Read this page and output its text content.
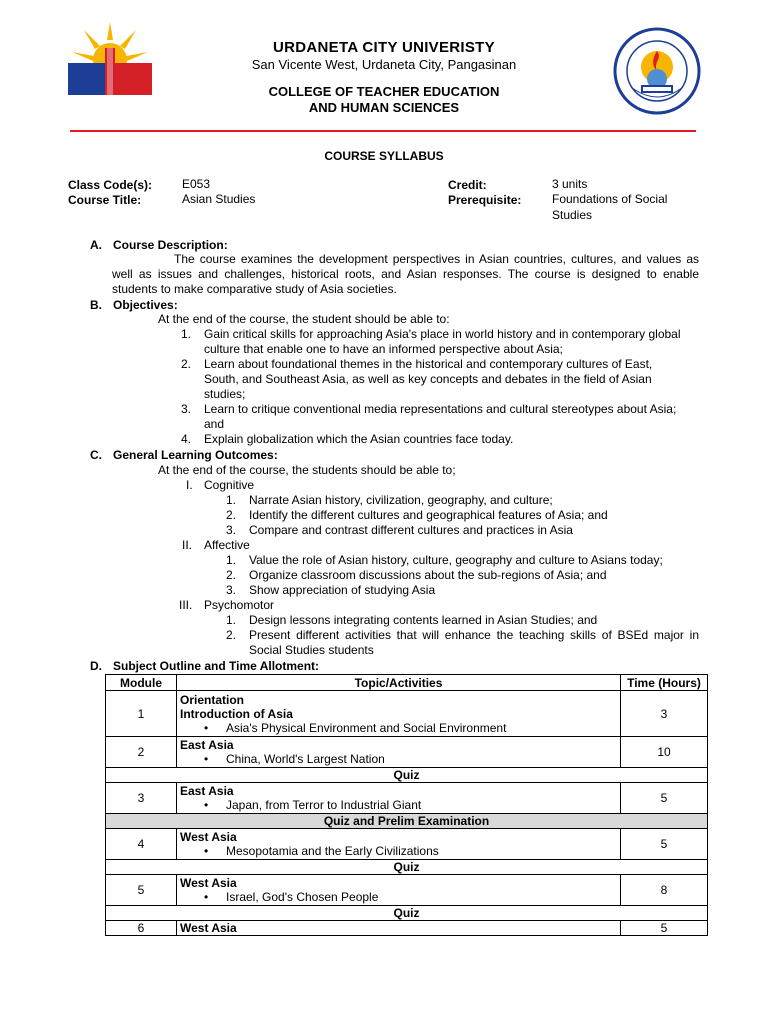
URDANETA CITY UNIVERISTY
San Vicente West, Urdaneta City, Pangasinan
COLLEGE OF TEACHER EDUCATION
AND HUMAN SCIENCES
COURSE SYLLABUS
Class Code(s): E053
Course Title:	Asian Studies
Credit:	3 units
Prerequisite:	Foundations of Social
Studies
A. Course Description:
The course examines the development perspectives in Asian countries, cultures, and values as
well as issues and challenges, historical roots, and Asian responses. The course is designed to enable
students to make comparative study of Asia societies.
B. Objectives:
At the end of the course, the student should be able to:
1. Gain critical skills for approaching Asia's place in world history and in contemporary global
culture that enable one to have an informed perspective about Asia;
2. Learn about foundational themes in the historical and contemporary cultures of East,
South, and Southeast Asia, as well as key concepts and debates in the field of Asian
studies;
3. Learn to critique conventional media representations and cultural stereotypes about Asia;
and
4. Explain globalization which the Asian countries face today.
C. General Learning Outcomes:
At the end of the course, the students should be able to;
I. Cognitive
1. Narrate Asian history, civilization, geography, and culture;
2. Identify the different cultures and geographical features of Asia; and
3. Compare and contrast different cultures and practices in Asia
II. Affective
1. Value the role of Asian history, culture, geography and culture to Asians today;
2. Organize classroom discussions about the sub-regions of Asia; and
3. Show appreciation of studying Asia
III. Psychomotor
1. Design lessons integrating contents learned in Asian Studies; and
2. Present different activities that will enhance the teaching skills of BSEd major in
Social Studies students
D. Subject Outline and Time Allotment:
Module	Topic/Activities	Time (Hours)
1	Orientation
Introduction of Asia
• Asia's Physical Environment and Social Environment	3
2	East Asia
• China, World's Largest Nation	10
Quiz		
3	East Asia
• Japan, from Terror to Industrial Giant	5
Quiz and Prelim Examination		
4	West Asia
• Mesopotamia and the Early Civilizations	5
Quiz		
5	West Asia
• Israel, God's Chosen People	8
Quiz		
6	West Asia	5
